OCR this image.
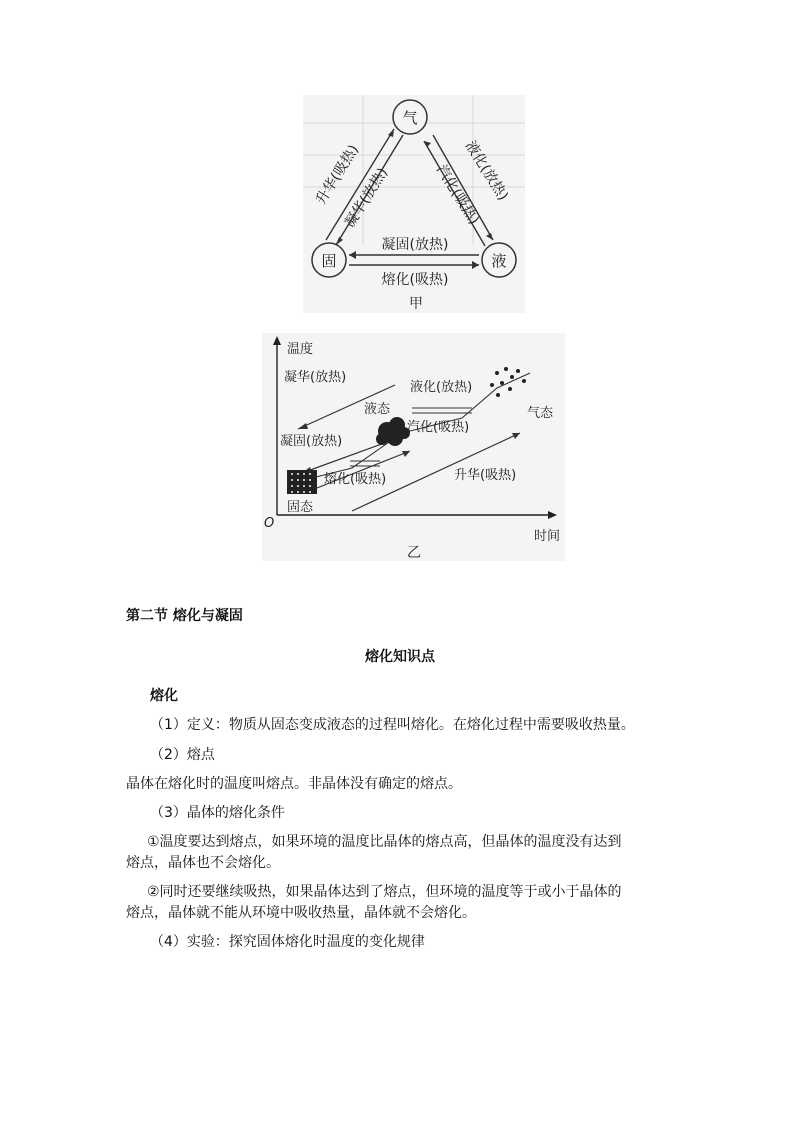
气
固	液
升华(吸热)
凝华(放热)	液化(放热)
汽化(吸热)
凝固(放热)
熔化(吸热)
甲
温度
时间
O
凝华(放热)
液化(放热)
液态	气态
凝固(放热)
汽化(吸热)
熔化(吸热)	升华(吸热)
固态
乙
第二节 熔化与凝固
熔化知识点
熔化
（1）定义：物质从固态变成液态的过程叫熔化。在熔化过程中需要吸收热量。
（2）熔点
晶体在熔化时的温度叫熔点。非晶体没有确定的熔点。
（3）晶体的熔化条件
①温度要达到熔点，如果环境的温度比晶体的熔点高，但晶体的温度没有达到
熔点，晶体也不会熔化。
②同时还要继续吸热，如果晶体达到了熔点，但环境的温度等于或小于晶体的
熔点，晶体就不能从环境中吸收热量，晶体就不会熔化。
（4）实验：探究固体熔化时温度的变化规律
